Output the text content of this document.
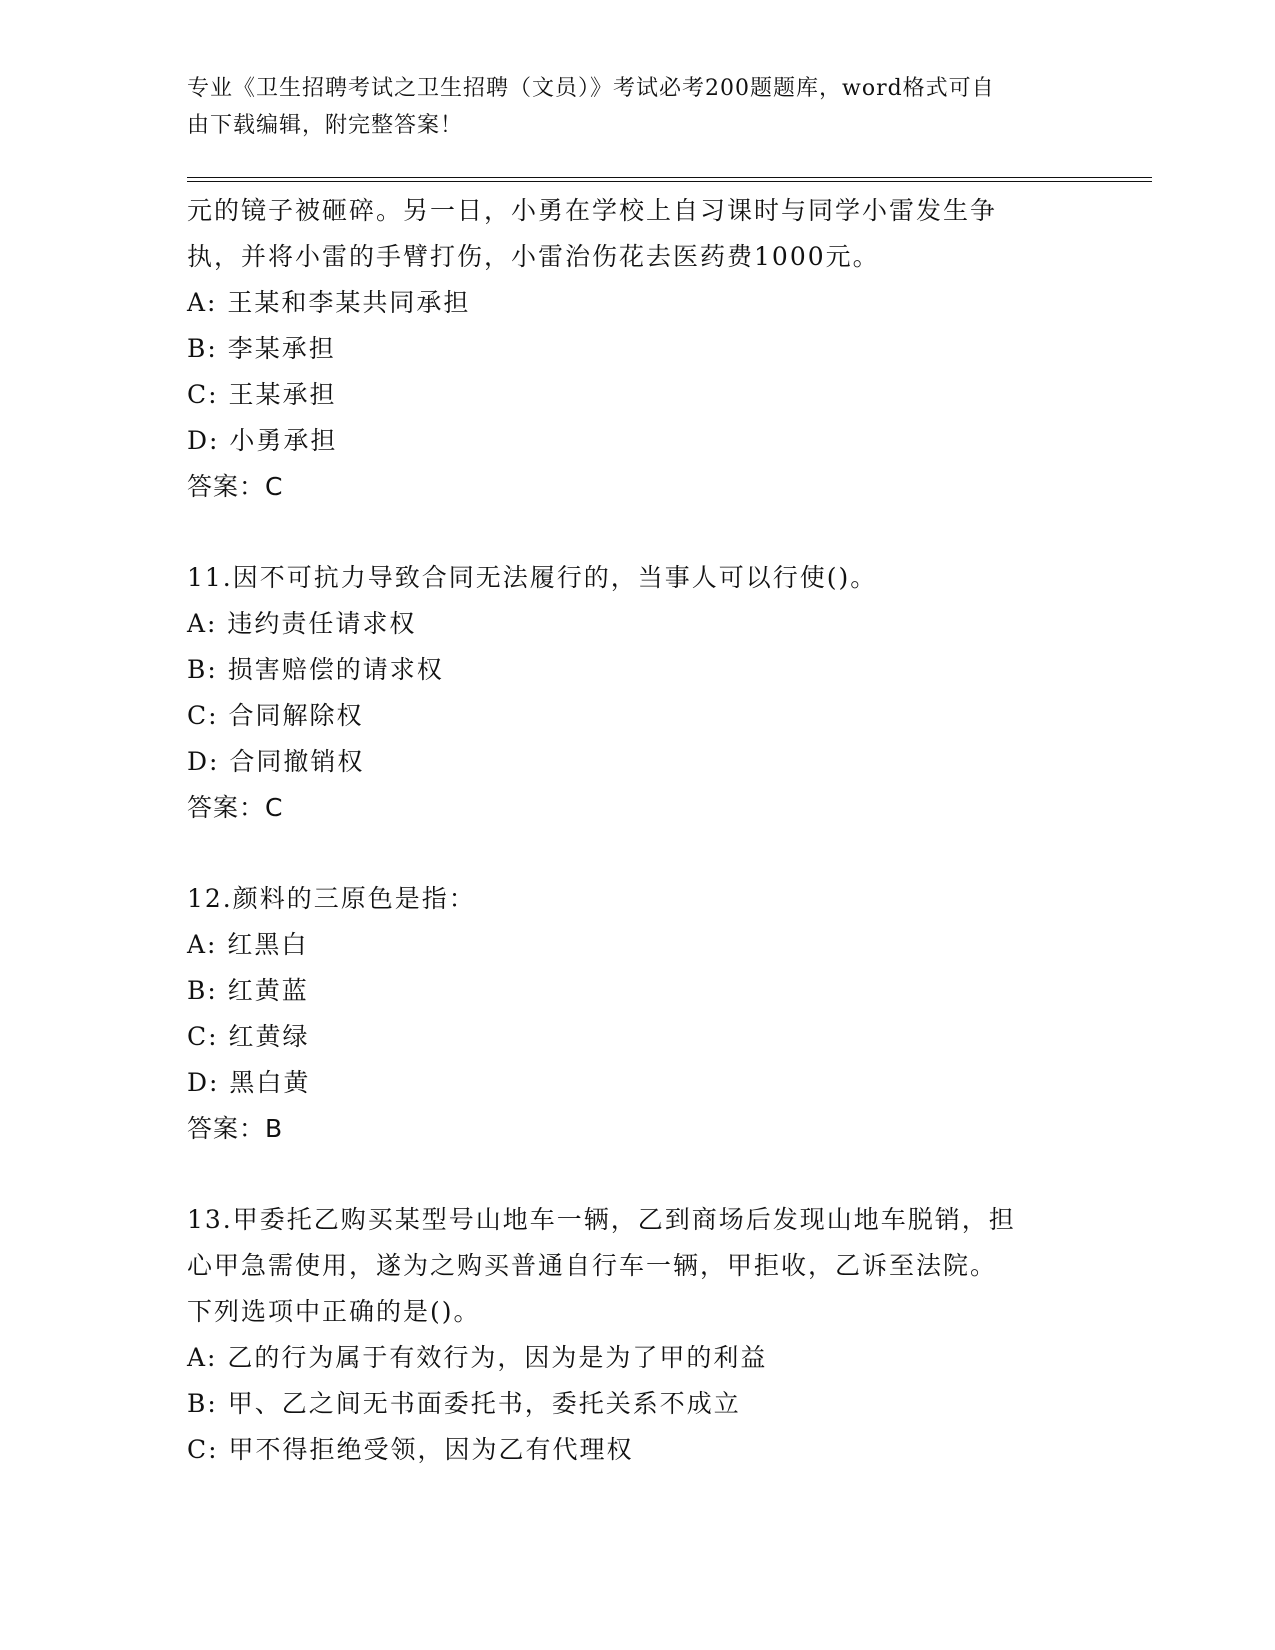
专业《卫生招聘考试之卫生招聘（文员）》考试必考200题题库，word格式可自
由下载编辑，附完整答案！
元的镜子被砸碎。另一日，小勇在学校上自习课时与同学小雷发生争
执，并将小雷的手臂打伤，小雷治伤花去医药费1000元。
A: 王某和李某共同承担
B: 李某承担
C: 王某承担
D: 小勇承担
答案：C
11.因不可抗力导致合同无法履行的，当事人可以行使()。
A: 违约责任请求权
B: 损害赔偿的请求权
C: 合同解除权
D: 合同撤销权
答案：C
12.颜料的三原色是指：
A: 红黑白
B: 红黄蓝
C: 红黄绿
D: 黑白黄
答案：B
13.甲委托乙购买某型号山地车一辆，乙到商场后发现山地车脱销，担
心甲急需使用，遂为之购买普通自行车一辆，甲拒收，乙诉至法院。
下列选项中正确的是()。
A: 乙的行为属于有效行为，因为是为了甲的利益
B: 甲、乙之间无书面委托书，委托关系不成立
C: 甲不得拒绝受领，因为乙有代理权
